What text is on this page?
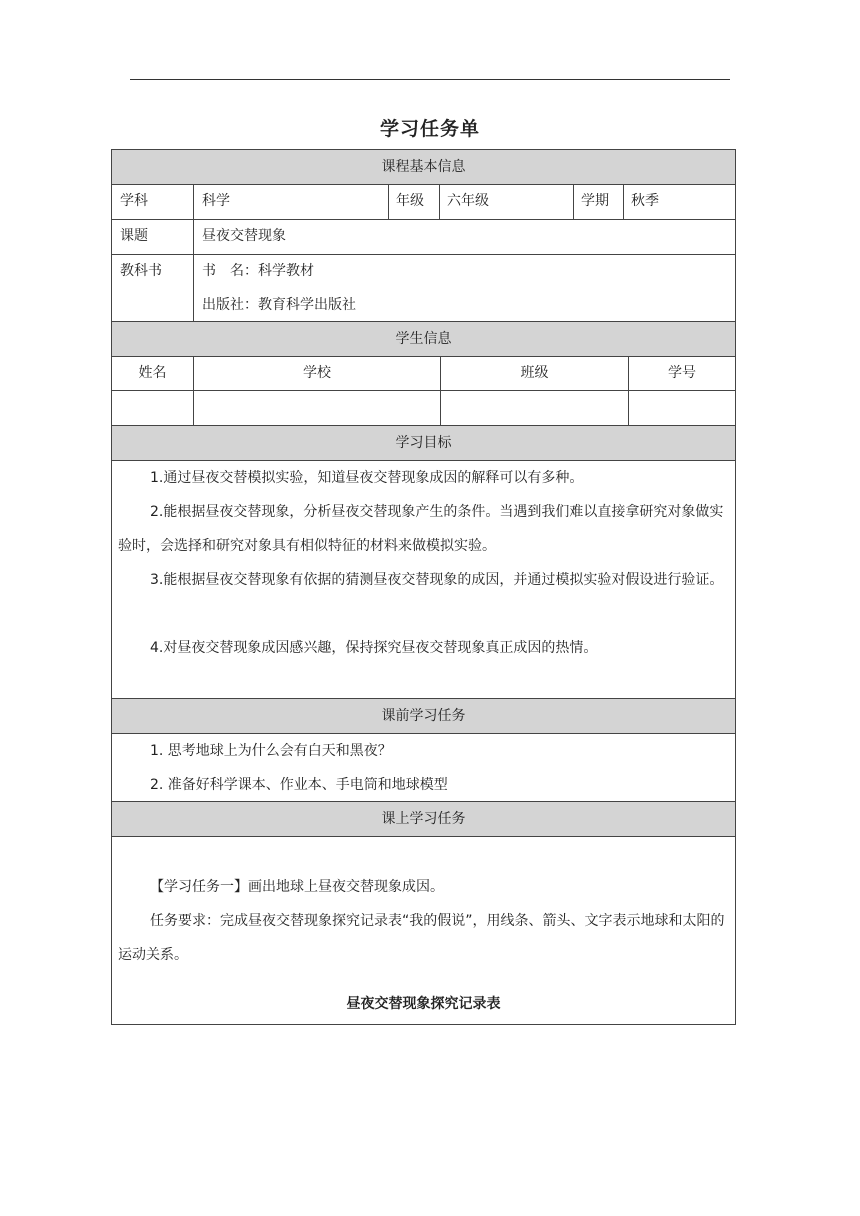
学习任务单
课程基本信息
学科	科学	年级 六年级	学期 秋季
课题	昼夜交替现象
教科书	书　名：科学教材
出版社：教育科学出版社
学生信息
姓名	学校	班级	学号
学习目标
1.通过昼夜交替模拟实验，知道昼夜交替现象成因的解释可以有多种。
2.能根据昼夜交替现象，分析昼夜交替现象产生的条件。当遇到我们难以直接拿研究对象做实验时，会选择和研究对象具有相似特征的材料来做模拟实验。
3.能根据昼夜交替现象有依据的猜测昼夜交替现象的成因，并通过模拟实验对假设进行验证。
4.对昼夜交替现象成因感兴趣，保持探究昼夜交替现象真正成因的热情。
课前学习任务
1. 思考地球上为什么会有白天和黑夜？
2. 准备好科学课本、作业本、手电筒和地球模型
课上学习任务
【学习任务一】画出地球上昼夜交替现象成因。
任务要求：完成昼夜交替现象探究记录表“我的假说”，用线条、箭头、文字表示地球和太阳的运动关系。
昼夜交替现象探究记录表
